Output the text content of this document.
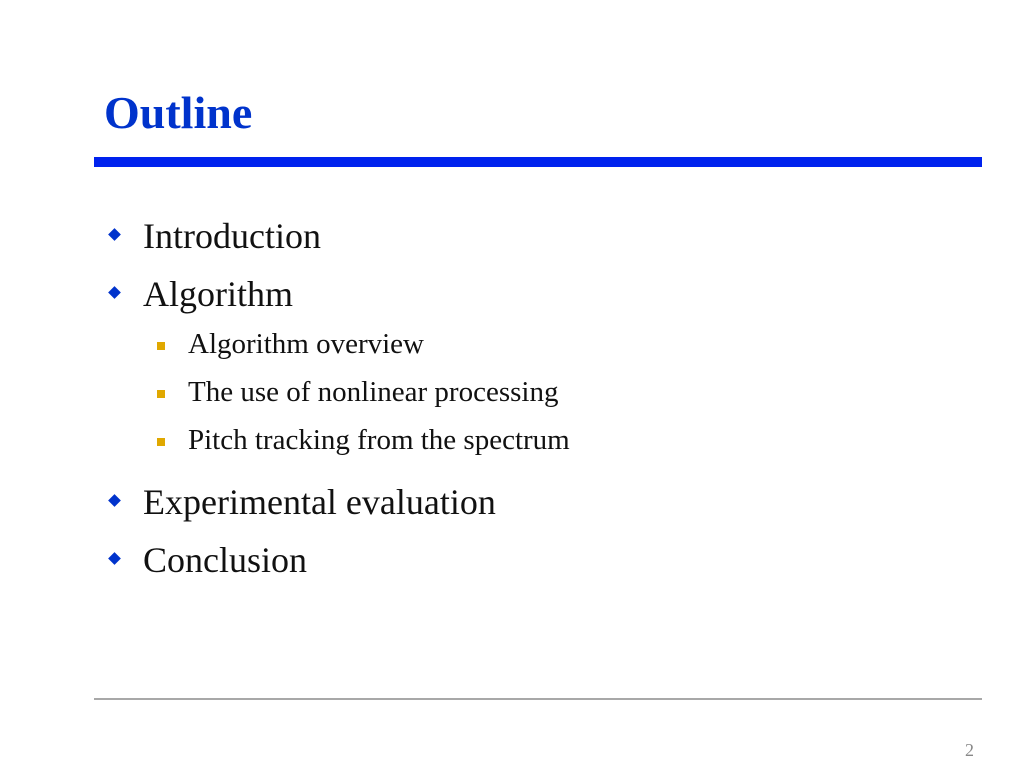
Outline
Introduction
Algorithm
Algorithm overview
The use of nonlinear processing
Pitch tracking from the spectrum
Experimental evaluation
Conclusion
2
